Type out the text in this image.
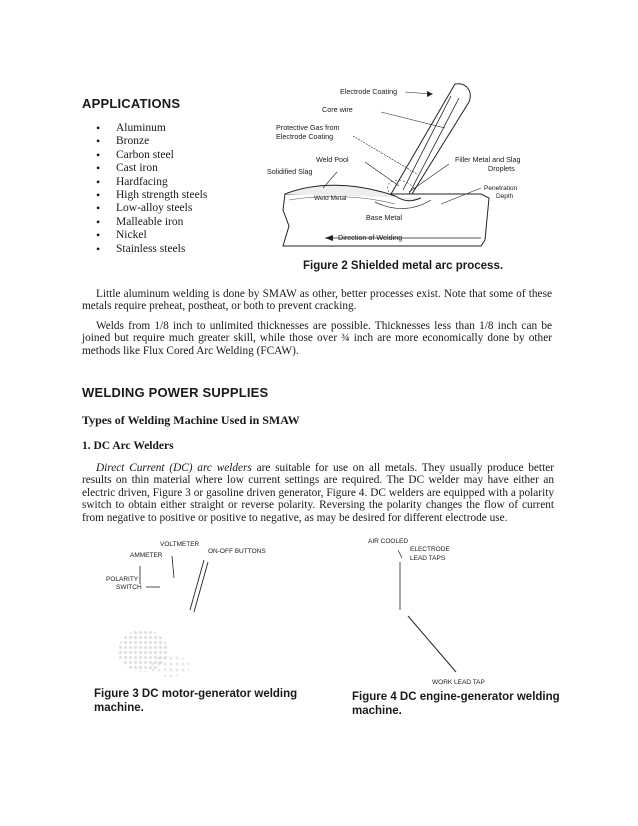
APPLICATIONS
• Aluminum
• Bronze
• Carbon steel
• Cast iron
• Hardfacing
• High strength steels
• Low-alloy steels
• Malleable iron
• Nickel
• Stainless steels
Electrode Coating
Core wire
Protective Gas from
Electrode Coating
Weld Pool
Solidified Slag
Filler Metal and Slag
Droplets
Penetration
Depth
Weld Metal
Base Metal
Direction of Welding
Figure 2 Shielded metal arc process.
Little aluminum welding is done by SMAW as other, better processes exist. Note that some of these metals require preheat, postheat, or both to prevent cracking.
Welds from 1/8 inch to unlimited thicknesses are possible. Thicknesses less than 1/8 inch can be joined but require much greater skill, while those over ¾ inch are more economically done by other methods like Flux Cored Arc Welding (FCAW).
WELDING POWER SUPPLIES
Types of Welding Machine Used in SMAW
1. DC Arc Welders
Direct Current (DC) arc welders are suitable for use on all metals. They usually produce better results on thin material where low current settings are required. The DC welder may have either an electric driven, Figure 3 or gasoline driven generator, Figure 4. DC welders are equipped with a polarity switch to obtain either straight or reverse polarity. Reversing the polarity changes the flow of current from negative to positive or positive to negative, as may be desired for different electrode use.
VOLTMETER
AMMETER
ON-OFF BUTTONS
POLARITY
SWITCH
Figure 3 DC motor-generator welding
machine.
AIR COOLED
ELECTRODE
LEAD TAPS
WORK LEAD TAP
Figure 4 DC engine-generator welding
machine.
